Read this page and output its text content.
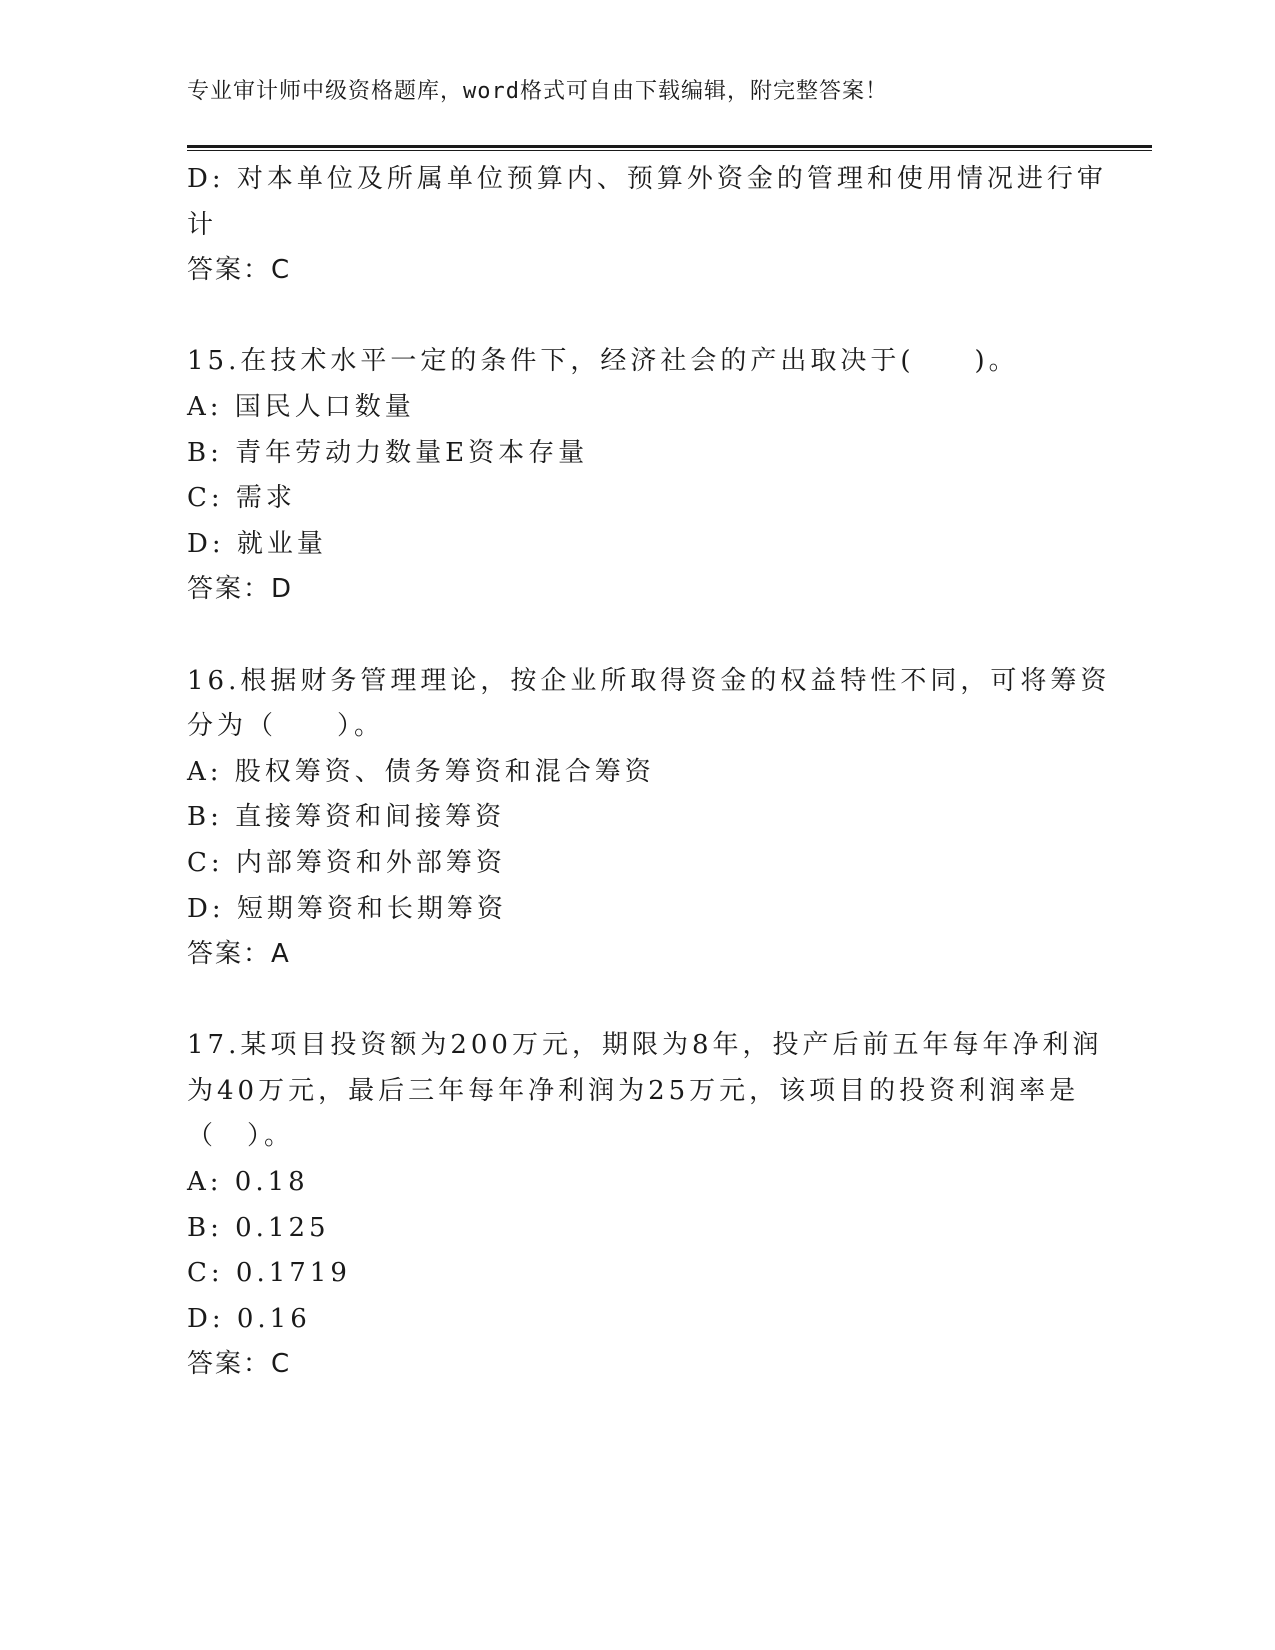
专业审计师中级资格题库，word格式可自由下载编辑，附完整答案！
D: 对本单位及所属单位预算内、预算外资金的管理和使用情况进行审
计
答案：C
15.在技术水平一定的条件下，经济社会的产出取决于(　　)。
A: 国民人口数量
B: 青年劳动力数量E资本存量
C: 需求
D: 就业量
答案：D
16.根据财务管理理论，按企业所取得资金的权益特性不同，可将筹资
分为（　　）。
A: 股权筹资、债务筹资和混合筹资
B: 直接筹资和间接筹资
C: 内部筹资和外部筹资
D: 短期筹资和长期筹资
答案：A
17.某项目投资额为200万元，期限为8年，投产后前五年每年净利润
为40万元，最后三年每年净利润为25万元，该项目的投资利润率是
（　）。
A: 0.18
B: 0.125
C: 0.1719
D: 0.16
答案：C
